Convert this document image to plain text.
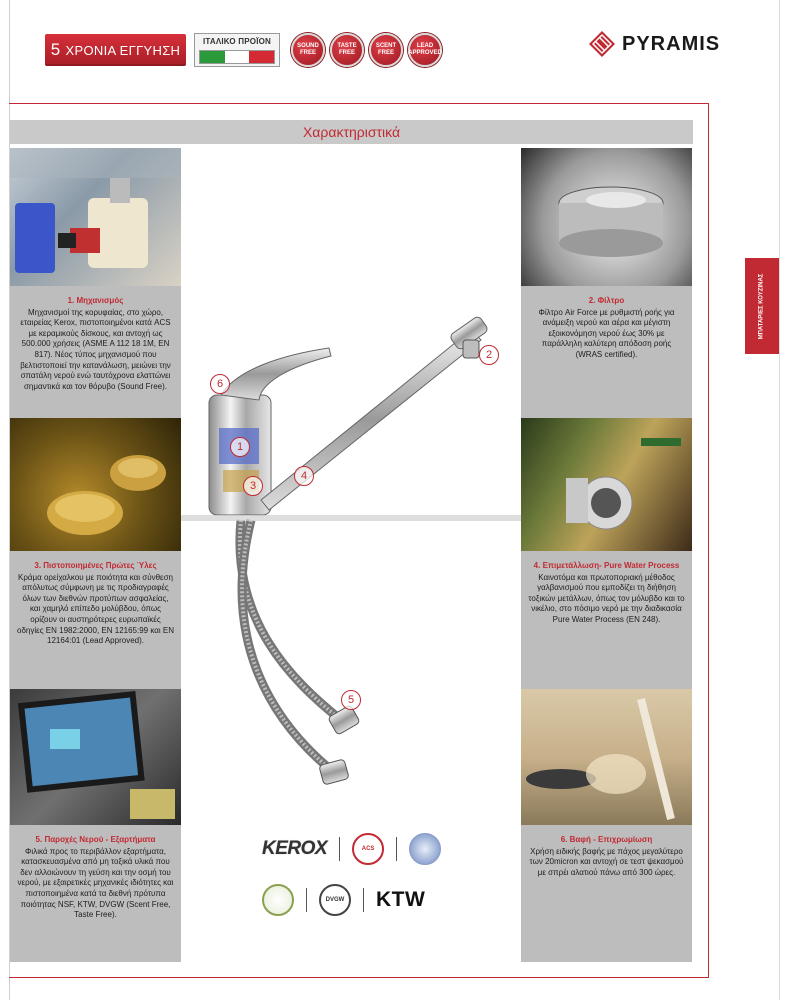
5 ΧΡΟΝΙΑ ΕΓΓΥΗΣΗ
ΙΤΑΛΙΚΟ ΠΡΟΪΟΝ	SOUND FREE
TASTE FREE
SCENT FREE
LEAD APPROVED	PYRAMIS
ΜΠΑΤΑΡΙΕΣ ΚΟΥΖΙΝΑΣ
Χαρακτηριστικά
1. Μηχανισμός
Μηχανισμοί της κορυφαίας, στο χώρο, εταιρείας Kerox, πιστοποιημένοι κατά ACS με κεραμικούς δίσκους, και αντοχή ως 500.000 χρήσεις (ASME A 112 18 1M, EN 817). Νέος τύπος μηχανισμού που βελτιστοποιεί την κατανάλωση, μειώνει την σπατάλη νερού ενώ ταυτόχρονα ελαττώνει σημαντικά και τον θόρυβο (Sound Free).
3. Πιστοποιημένες Πρώτες Ύλες
Κράμα ορείχαλκου με ποιότητα και σύνθεση απόλυτως σύμφωνη με τις προδιαγραφές όλων των διεθνών προτύπων ασφαλείας, και χαμηλό επίπεδο μολύβδου, όπως ορίζουν οι αυστηρότερες ευρωπαϊκές οδηγίες EN 1982:2000, EN 12165:99 και EN 12164:01 (Lead Approved).
5. Παροχές Νερού - Εξαρτήματα
Φιλικά προς το περιβάλλον εξαρτήματα, κατασκευασμένα από μη τοξικά υλικά που δεν αλλοιώνουν τη γεύση και την οσμή του νερού, με εξαιρετικές μηχανικές ιδιότητες και πιστοποιημένα κατά τα διεθνή πρότυπα ποιότητας NSF, KTW, DVGW (Scent Free, Taste Free).
2. Φίλτρο
Φίλτρο Air Force με ρυθμιστή ροής για ανάμειξη νερού και αέρα και μέγιστη εξοικονόμηση νερού έως 30% με παράλληλη καλύτερη απόδοση ροής (WRAS certified).
4. Επιμετάλλωση- Pure Water Process
Καινοτόμα και πρωτοποριακή μέθοδος γαλβανισμού που εμποδίζει τη διήθηση τοξικών μετάλλων, όπως τον μόλυβδο και το νικέλιο, στο πόσιμο νερό με την διαδικασία Pure Water Process (EN 248).
6. Βαφή - Επιχρωμίωση
Χρήση ειδικής βαφής με πάχος μεγαλύτερο των 20micron και αντοχή σε τεστ ψεκασμού με σπρέι αλατιού πάνω από 300 ώρες.
1
2
3
4
5
6
KEROX	ACS
DVGW KTW
